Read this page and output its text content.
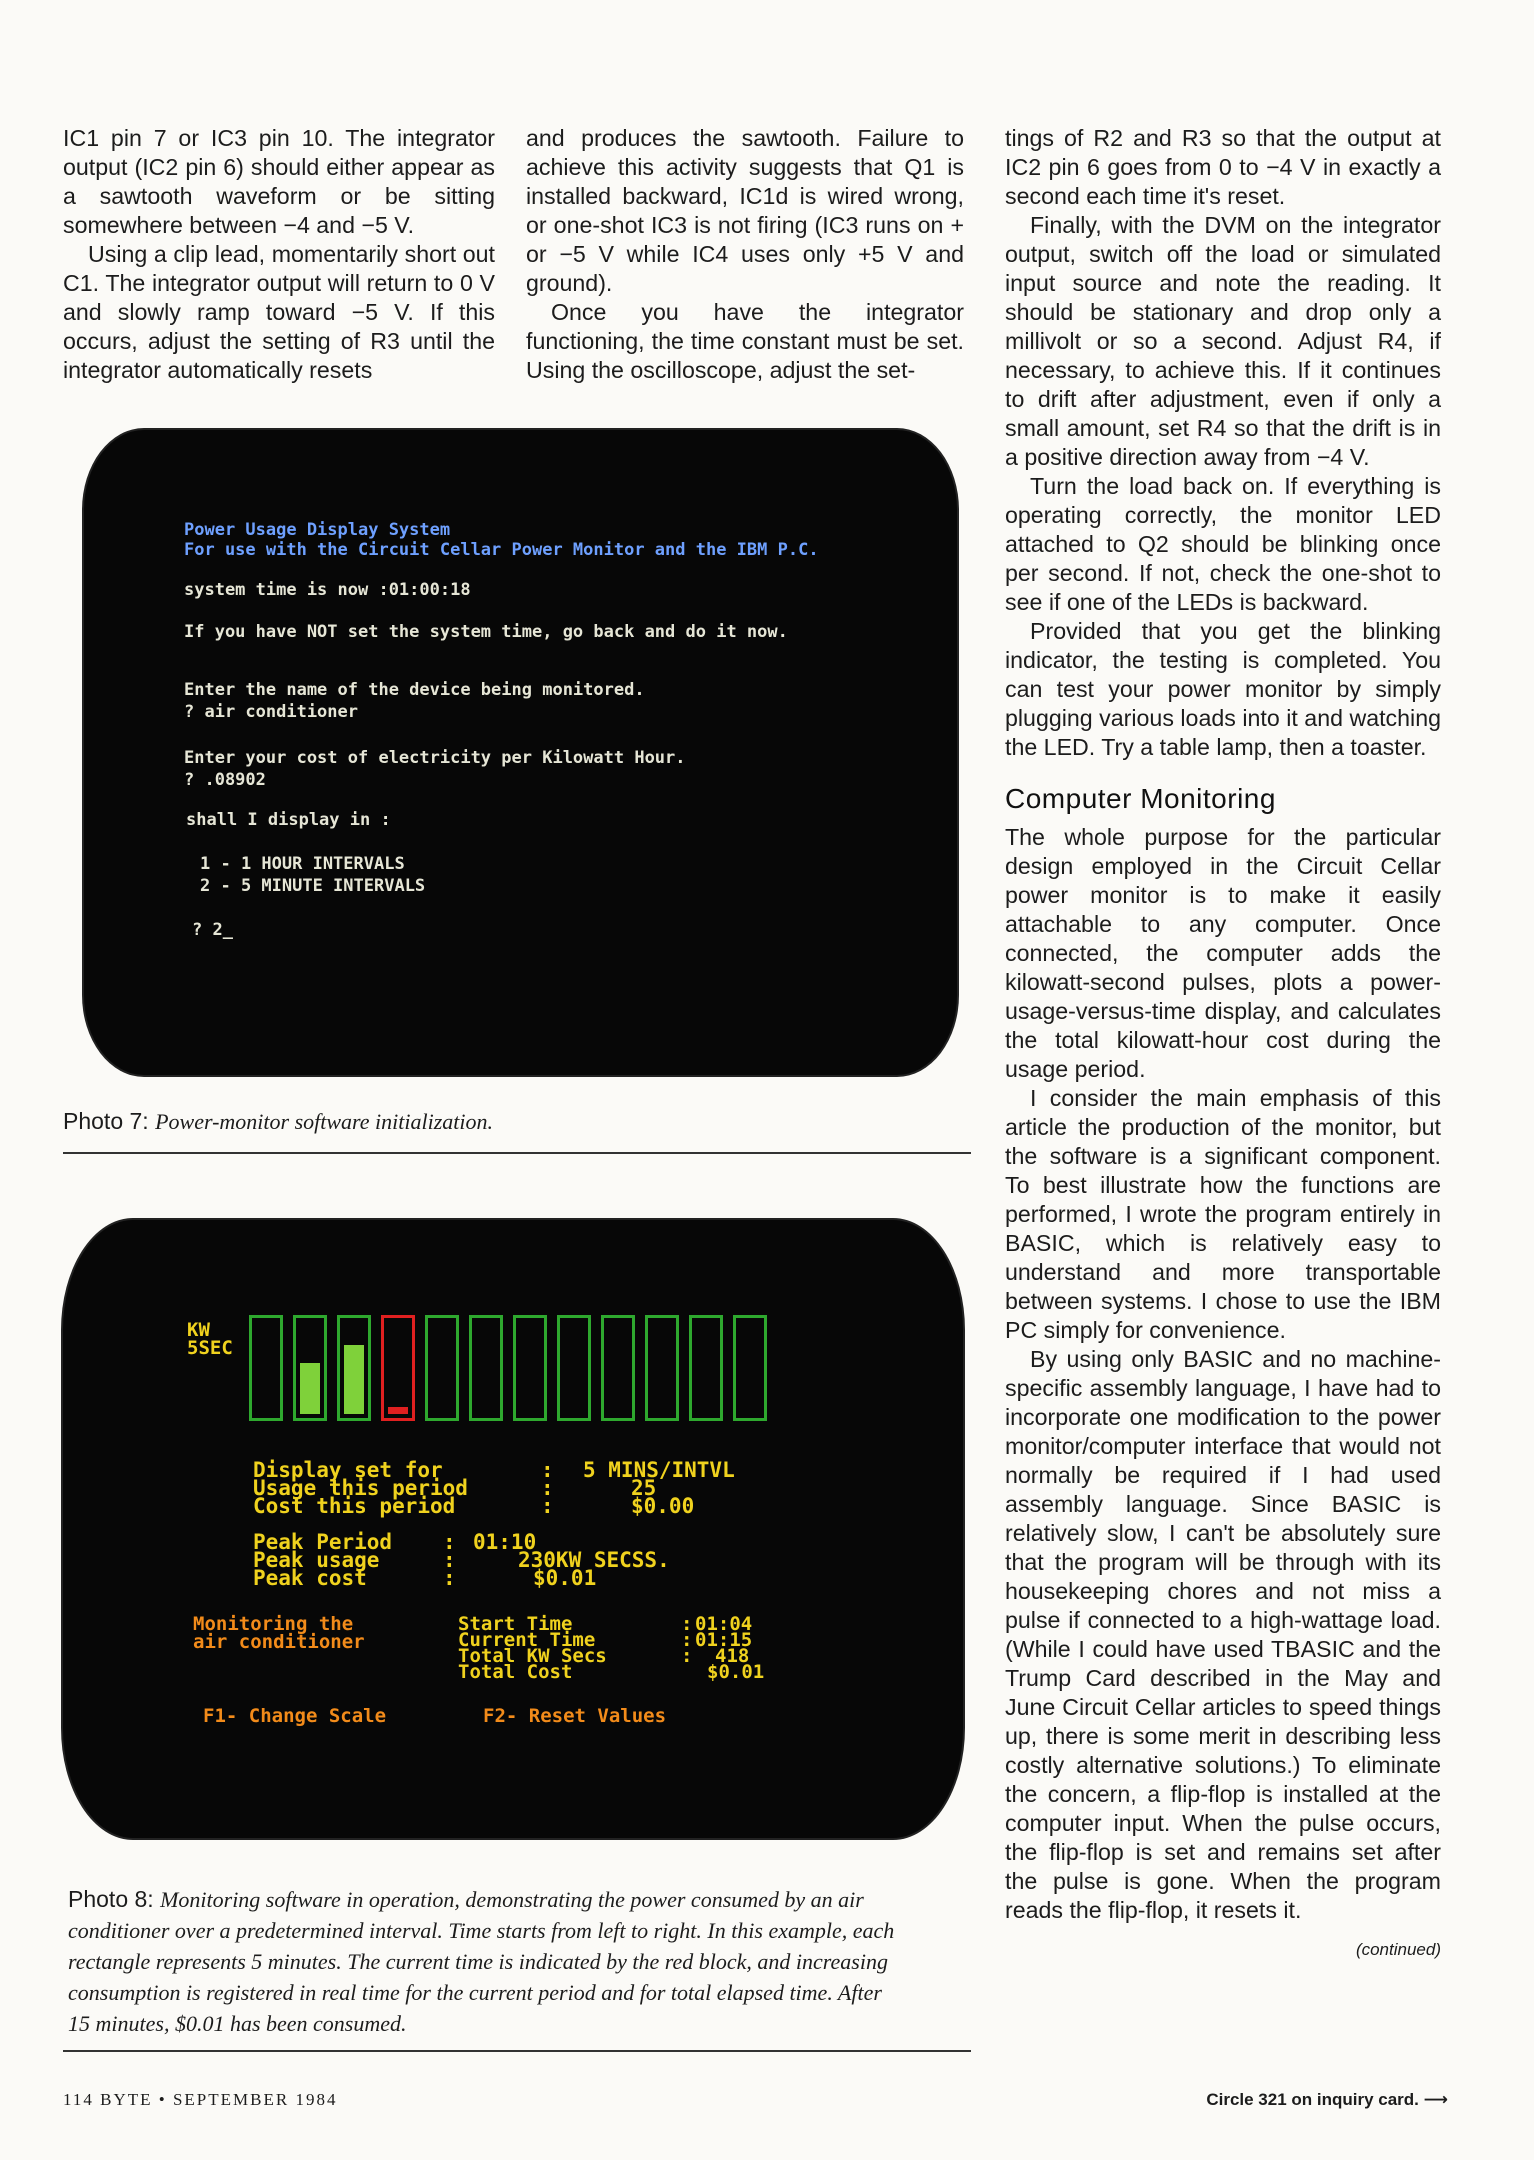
IC1 pin 7 or IC3 pin 10. The integrator output (IC2 pin 6) should either appear as a sawtooth waveform or be sitting somewhere between −4 and −5 V.

Using a clip lead, momentarily short out C1. The integrator output will return to 0 V and slowly ramp toward −5 V. If this occurs, adjust the setting of R3 until the integrator automatically resets

and produces the sawtooth. Failure to achieve this activity suggests that Q1 is installed backward, IC1d is wired wrong, or one-shot IC3 is not firing (IC3 runs on + or −5 V while IC4 uses only +5 V and ground).

Once you have the integrator functioning, the time constant must be set. Using the oscilloscope, adjust the set-

tings of R2 and R3 so that the output at IC2 pin 6 goes from 0 to −4 V in exactly a second each time it's reset.

Finally, with the DVM on the integrator output, switch off the load or simulated input source and note the reading. It should be stationary and drop only a millivolt or so a second. Adjust R4, if necessary, to achieve this. If it continues to drift after adjustment, even if only a small amount, set R4 so that the drift is in a positive direction away from −4 V.

Turn the load back on. If everything is operating correctly, the monitor LED attached to Q2 should be blinking once per second. If not, check the one-shot to see if one of the LEDs is backward.

Provided that you get the blinking indicator, the testing is completed. You can test your power monitor by simply plugging various loads into it and watching the LED. Try a table lamp, then a toaster.

Computer Monitoring

The whole purpose for the particular design employed in the Circuit Cellar power monitor is to make it easily attachable to any computer. Once connected, the computer adds the kilowatt-second pulses, plots a power-usage-versus-time display, and calculates the total kilowatt-hour cost during the usage period.

I consider the main emphasis of this article the production of the monitor, but the software is a significant component. To best illustrate how the functions are performed, I wrote the program entirely in BASIC, which is relatively easy to understand and more transportable between systems. I chose to use the IBM PC simply for convenience.

By using only BASIC and no machine-specific assembly language, I have had to incorporate one modification to the power monitor/computer interface that would not normally be required if I had used assembly language. Since BASIC is relatively slow, I can't be absolutely sure that the program will be through with its housekeeping chores and not miss a pulse if connected to a high-wattage load. (While I could have used TBASIC and the Trump Card described in the May and June Circuit Cellar articles to speed things up, there is some merit in describing less costly alternative solutions.) To eliminate the concern, a flip-flop is installed at the computer input. When the pulse occurs, the flip-flop is set and remains set after the pulse is gone. When the program reads the flip-flop, it resets it.

(continued)
Power Usage Display System
For use with the Circuit Cellar Power Monitor and the IBM P.C.
system time is now :01:00:18
If you have NOT set the system time, go back and do it now.
Enter the name of the device being monitored.
? air conditioner
Enter your cost of electricity per Kilowatt Hour.
? .08902
shall I display in :
1 - 1 HOUR INTERVALS
2 - 5 MINUTE INTERVALS
? 2_
Photo 7: Power-monitor software initialization.
KW
5SEC
Display set for
Usage this period
Cost this period
:
:
:
5 MINS/INTVL
25
$0.00
Peak Period
Peak usage
Peak cost
:
:
:
01:10
230KW SECSS.
$0.01
Monitoring the
air conditioner
Start Time
Current Time
Total KW Secs
Total Cost
:
:
:
01:04
01:15
418
$0.01
F1- Change Scale	F2- Reset Values
Photo 8: Monitoring software in operation, demonstrating the power consumed by an air conditioner over a predetermined interval. Time starts from left to right. In this example, each rectangle represents 5 minutes. The current time is indicated by the red block, and increasing consumption is registered in real time for the current period and for total elapsed time. After 15 minutes, $0.01 has been consumed.
114 BYTE • SEPTEMBER 1984	Circle 321 on inquiry card. ⟶
